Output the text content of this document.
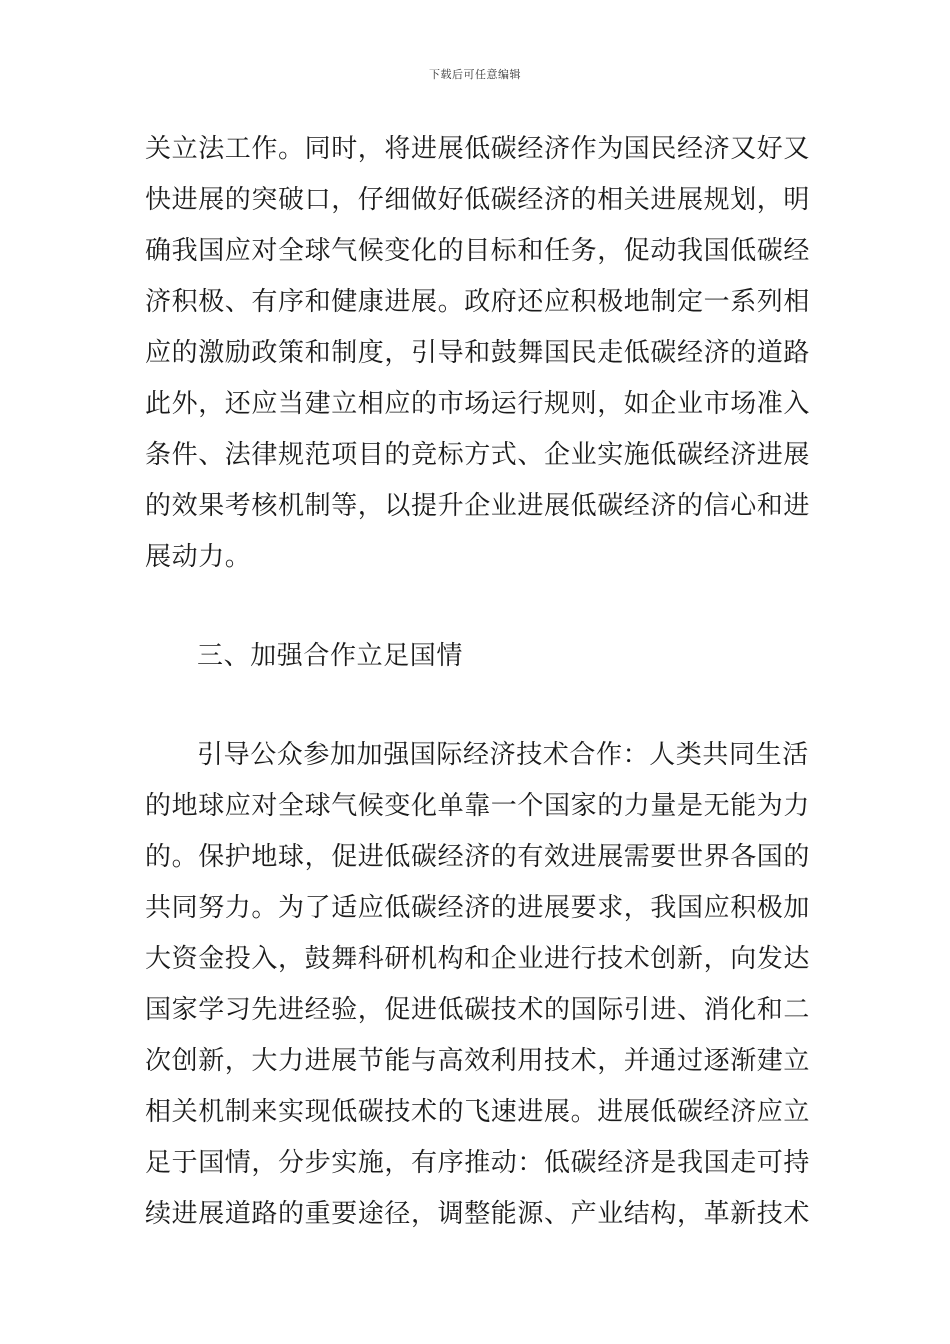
下载后可任意编辑
关立法工作。同时，将进展低碳经济作为国民经济又好又
快进展的突破口，仔细做好低碳经济的相关进展规划，明
确我国应对全球气候变化的目标和任务，促动我国低碳经
济积极、有序和健康进展。政府还应积极地制定一系列相
应的激励政策和制度，引导和鼓舞国民走低碳经济的道路
此外，还应当建立相应的市场运行规则，如企业市场准入
条件、法律规范项目的竞标方式、企业实施低碳经济进展
的效果考核机制等，以提升企业进展低碳经济的信心和进
展动力。
三、加强合作立足国情
引导公众参加加强国际经济技术合作：人类共同生活
的地球应对全球气候变化单靠一个国家的力量是无能为力
的。保护地球，促进低碳经济的有效进展需要世界各国的
共同努力。为了适应低碳经济的进展要求，我国应积极加
大资金投入，鼓舞科研机构和企业进行技术创新，向发达
国家学习先进经验，促进低碳技术的国际引进、消化和二
次创新，大力进展节能与高效利用技术，并通过逐渐建立
相关机制来实现低碳技术的飞速进展。进展低碳经济应立
足于国情，分步实施，有序推动：低碳经济是我国走可持
续进展道路的重要途径，调整能源、产业结构，革新技术
